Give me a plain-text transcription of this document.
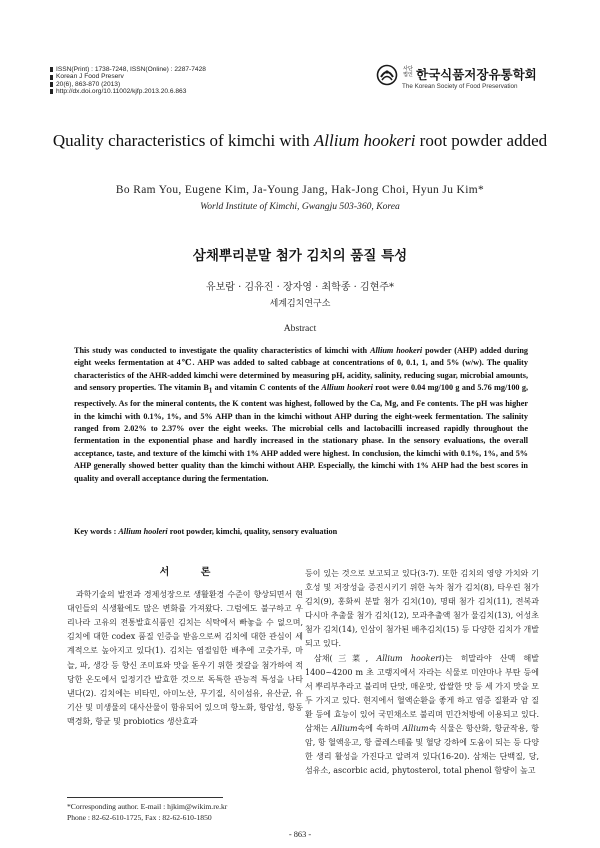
ISSN(Print) : 1738-7248, ISSN(Online) : 2287-7428
Korean J Food Preserv
20(6), 863-870 (2013)
http://dx.doi.org/10.11002/kjfp.2013.20.6.863
사단
법인 한국식품저장유통학회
The Korean Society of Food Preservation
Quality characteristics of kimchi with Allium hookeri root powder added
Bo Ram You, Eugene Kim, Ja-Young Jang, Hak-Jong Choi, Hyun Ju Kim*
World Institute of Kimchi, Gwangju 503-360, Korea
삼채뿌리분말 첨가 김치의 품질 특성
유보람 · 김유진 · 장자영 · 최학종 · 김현주*
세계김치연구소
Abstract

This study was conducted to investigate the quality characteristics of kimchi with Allium hookeri powder (AHP) added during eight weeks fermentation at 4℃. AHP was added to salted cabbage at concentrations of 0, 0.1, 1, and 5% (w/w). The quality characteristics of the AHR-added kimchi were determined by measuring pH, acidity, salinity, reducing sugar, microbial amounts, and sensory properties. The vitamin $B_1$ and vitamin C contents of the Allium hookeri root were 0.04 mg/100 g and 5.76 mg/100 g, respectively. As for the mineral contents, the K content was highest, followed by the Ca, Mg, and Fe contents. The pH was higher in the kimchi with 0.1%, 1%, and 5% AHP than in the kimchi without AHP during the eight-week fermentation. The salinity ranged from 2.02% to 2.37% over the eight weeks. The microbial cells and lactobacilli increased rapidly throughout the fermentation in the exponential phase and hardly increased in the stationary phase. In the sensory evaluations, the overall acceptance, taste, and texture of the kimchi with 1% AHP added were highest. In conclusion, the kimchi with 0.1%, 1%, and 5% AHP generally showed better quality than the kimchi without AHP. Especially, the kimchi with 1% AHP had the best scores in quality and overall acceptance during the fermentation.

Key words : Allium hooleri root powder, kimchi, quality, sensory evaluation
서 론

과학기술의 발전과 경제성장으로 생활환경 수준이 향상되면서 현대인들의 식생활에도 많은 변화를 가져왔다. 그럼에도 불구하고 우리나라 고유의 전통발효식품인 김치는 식탁에서 빠놓을 수 없으며, 김치에 대한 codex 품질 인증을 받음으로써 김치에 대한 관심이 세계적으로 높아지고 있다(1). 김치는 염절임한 배추에 고춧가루, 마늘, 파, 생강 등 향신 조미료와 맛을 돋우기 위한 젓갈을 첨가하여 적당한 온도에서 일정기간 발효한 것으로 독특한 관능적 특성을 나타낸다(2). 김치에는 비타민, 아미노산, 무기질, 식이섬유, 유산균, 유기산 및 미생물의 대사산물이 함유되어 있으며 항노화, 항암성, 항동맥경화, 항균 및 probiotics 생산효과

등이 있는 것으로 보고되고 있다(3-7). 또한 김치의 영양 가치와 기호성 및 저장성을 증진시키기 위한 녹차 첨가 김치(8), 타우린 첨가 김치(9), 홍화씨 분말 첨가 김치(10), 명태 첨가 김치(11), 전복과 다시마 추출물 첨가 김치(12), 모과추출액 첨가 물김치(13), 어성초 첨가 김치(14), 인삼이 첨가된 배추김치(15) 등 다양한 김치가 개발되고 있다.

삼채(三菜, Allium hookeri)는 히말라야 산맥 해발 1400~4200 m 초 고랭지에서 자라는 식물로 미얀마나 부탄 등에서 뿌리부추라고 불리며 단맛, 매운맛, 쌉쌀한 맛 등 세 가지 맛을 모두 가지고 있다. 현지에서 혈액순환을 좋게 하고 염증 질환과 암 질환 등에 효능이 있어 국민채소로 불리며 민간처방에 이용되고 있다. 삼채는 Allium속에 속하며 Allium속 식물은 항산화, 항균작용, 항암, 항 혈액응고, 항 콜레스테롤 및 혈당 강하에 도움이 되는 등 다양한 생리 활성을 가진다고 알려져 있다(16-20). 삼채는 단백질, 당, 섬유소, ascorbic acid, phytosterol, total phenol 함량이 높고

*Corresponding author. E-mail : hjkim@wikim.re.kr
Phone : 82-62-610-1725, Fax : 82-62-610-1850
- 863 -
